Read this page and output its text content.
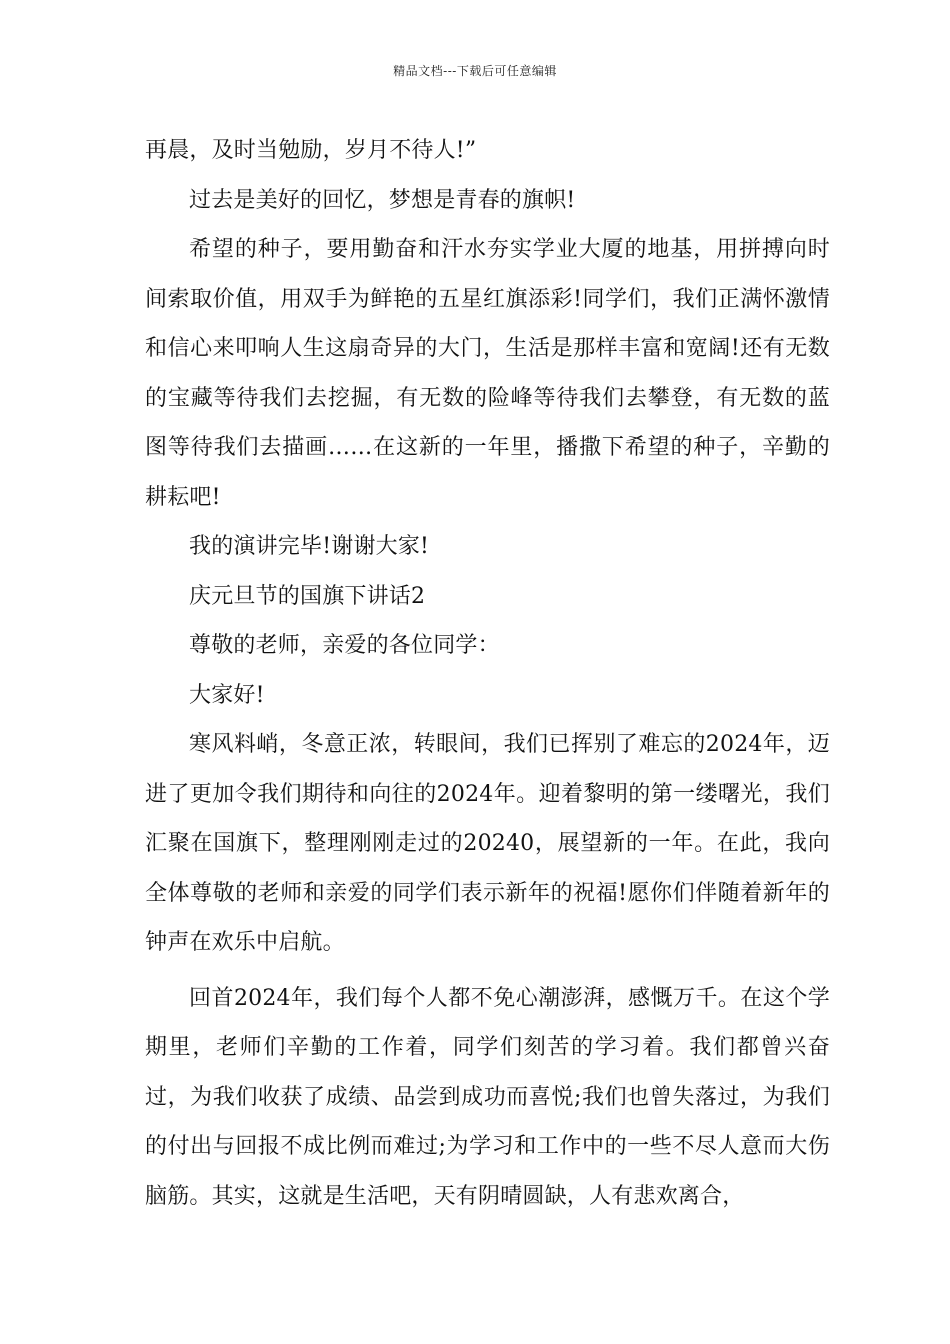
精品文档---下载后可任意编辑

再晨，及时当勉励，岁月不待人!”

过去是美好的回忆，梦想是青春的旗帜!

希望的种子，要用勤奋和汗水夯实学业大厦的地基，用拼搏向时间索取价值，用双手为鲜艳的五星红旗添彩!同学们，我们正满怀激情和信心来叩响人生这扇奇异的大门，生活是那样丰富和宽阔!还有无数的宝藏等待我们去挖掘，有无数的险峰等待我们去攀登，有无数的蓝图等待我们去描画……在这新的一年里，播撒下希望的种子，辛勤的耕耘吧!

我的演讲完毕!谢谢大家!

庆元旦节的国旗下讲话2

尊敬的老师，亲爱的各位同学：

大家好!

寒风料峭，冬意正浓，转眼间，我们已挥别了难忘的2024年，迈进了更加令我们期待和向往的2024年。迎着黎明的第一缕曙光，我们汇聚在国旗下，整理刚刚走过的20240，展望新的一年。在此，我向全体尊敬的老师和亲爱的同学们表示新年的祝福!愿你们伴随着新年的钟声在欢乐中启航。

回首2024年，我们每个人都不免心潮澎湃，感慨万千。在这个学期里，老师们辛勤的工作着，同学们刻苦的学习着。我们都曾兴奋过，为我们收获了成绩、品尝到成功而喜悦;我们也曾失落过，为我们的付出与回报不成比例而难过;为学习和工作中的一些不尽人意而大伤脑筋。其实，这就是生活吧，天有阴晴圆缺，人有悲欢离合，
